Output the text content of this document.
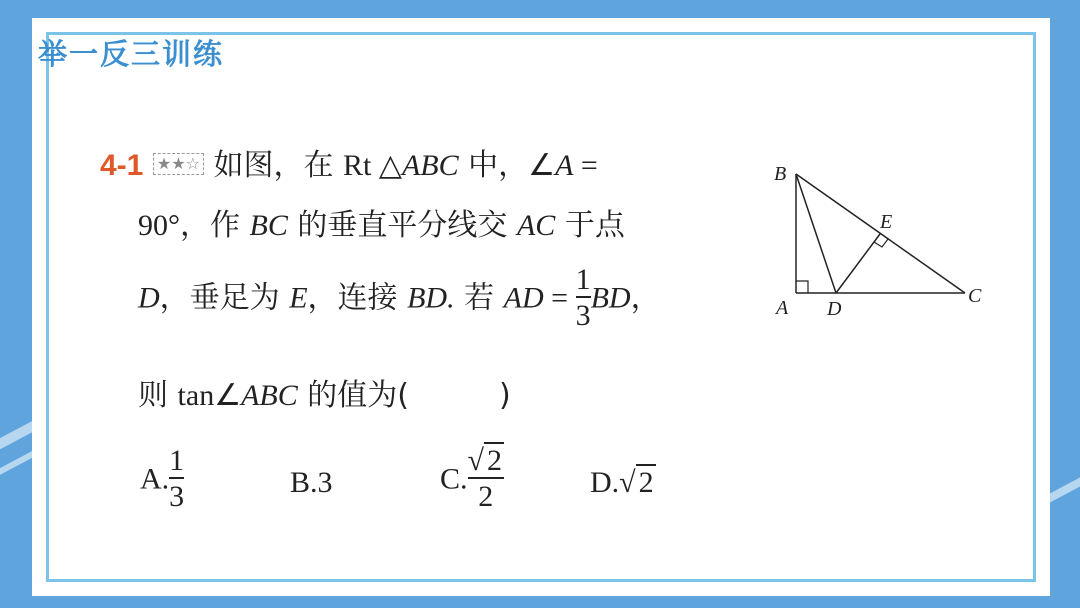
举一反三训练
4-1 ★★☆ 如图，在 Rt △ABC 中，∠A =
90°，作 BC 的垂直平分线交 AC 于点
D，垂足为 E，连接 BD. 若 AD = $\frac{1}{3}$ BD，
则 tan∠ABC 的值为(　　　)
A. $\frac{1}{3}$	B.3	C. $\frac{√ 2}{2}$	D.√ 2
B
E
A D
C
